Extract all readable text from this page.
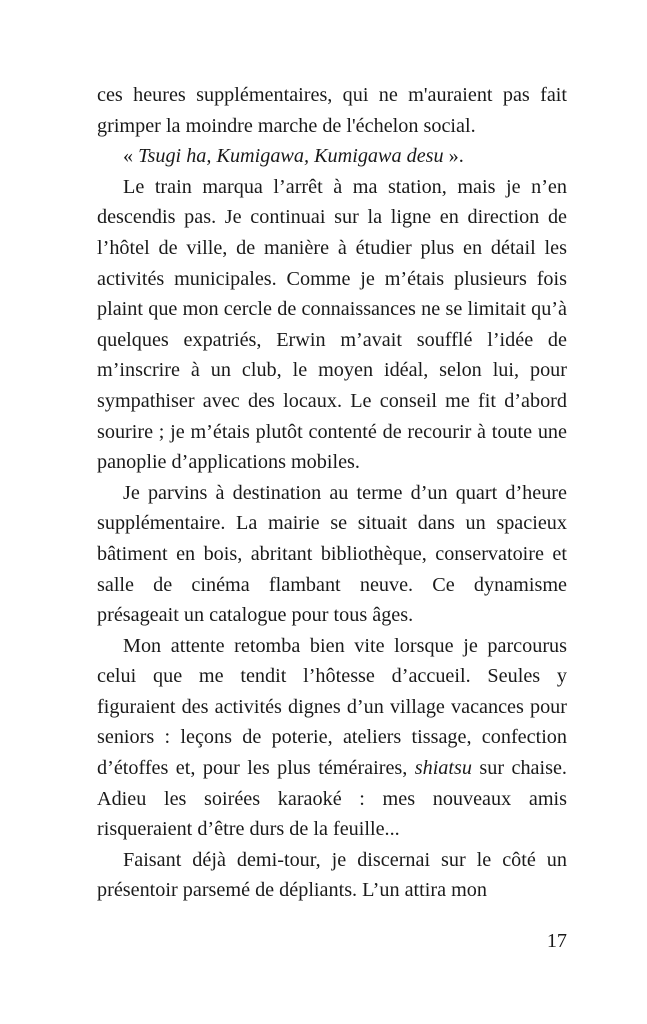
ces heures supplémentaires, qui ne m'auraient pas fait grimper la moindre marche de l'échelon social.

« Tsugi ha, Kumigawa, Kumigawa desu ».

Le train marqua l’arrêt à ma station, mais je n’en descendis pas. Je continuai sur la ligne en direction de l’hôtel de ville, de manière à étudier plus en détail les activités municipales. Comme je m’étais plusieurs fois plaint que mon cercle de connaissances ne se limitait qu’à quelques expatriés, Erwin m’avait soufflé l’idée de m’inscrire à un club, le moyen idéal, selon lui, pour sympathiser avec des locaux. Le conseil me fit d’abord sourire ; je m’étais plutôt contenté de recourir à toute une panoplie d’applications mobiles.

Je parvins à destination au terme d’un quart d’heure supplémentaire. La mairie se situait dans un spacieux bâtiment en bois, abritant bibliothèque, conservatoire et salle de cinéma flambant neuve. Ce dynamisme présageait un catalogue pour tous âges.

Mon attente retomba bien vite lorsque je parcourus celui que me tendit l’hôtesse d’accueil. Seules y figuraient des activités dignes d’un village vacances pour seniors : leçons de poterie, ateliers tissage, confection d’étoffes et, pour les plus téméraires, shiatsu sur chaise. Adieu les soirées karaoké : mes nouveaux amis risqueraient d’être durs de la feuille...

Faisant déjà demi-tour, je discernai sur le côté un présentoir parsemé de dépliants. L’un attira mon

17
